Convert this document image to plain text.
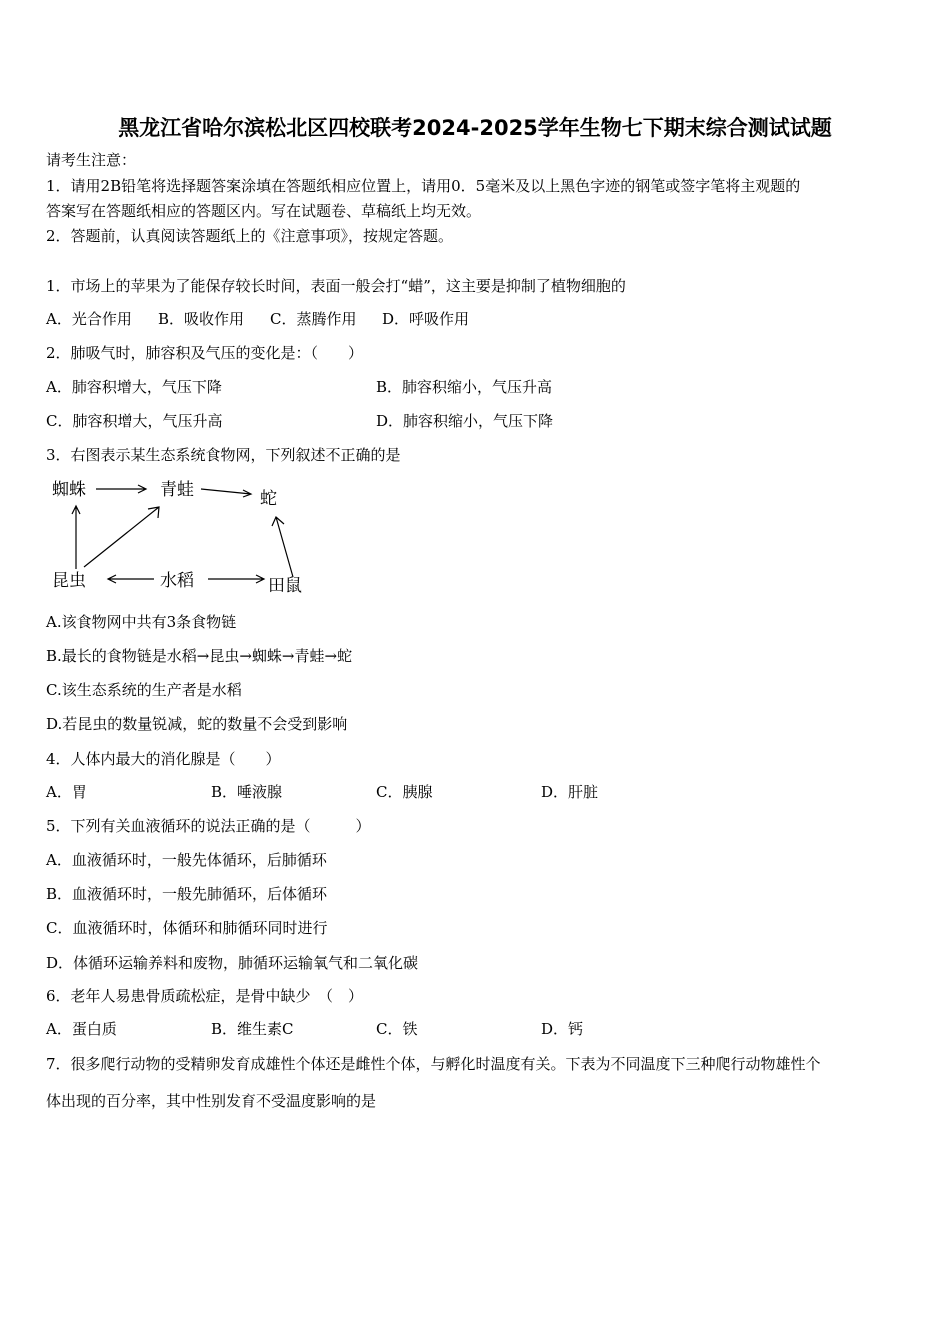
黑龙江省哈尔滨松北区四校联考2024-2025学年生物七下期末综合测试试题
请考生注意：
1．请用2B铅笔将选择题答案涂填在答题纸相应位置上，请用0．5毫米及以上黑色字迹的钢笔或签字笔将主观题的
答案写在答题纸相应的答题区内。写在试题卷、草稿纸上均无效。
2．答题前，认真阅读答题纸上的《注意事项》，按规定答题。
1．市场上的苹果为了能保存较长时间，表面一般会打“蜡”，这主要是抑制了植物细胞的
A．光合作用 B．吸收作用 C．蒸腾作用 D．呼吸作用
2．肺吸气时，肺容积及气压的变化是：（　　）
A．肺容积增大，气压下降	B．肺容积缩小，气压升高
C．肺容积增大，气压升高	D．肺容积缩小，气压下降
3．右图表示某生态系统食物网，下列叙述不正确的是
蜘蛛	青蛙	蛇
昆虫	水稻	田鼠
A.该食物网中共有3条食物链
B.最长的食物链是水稻→昆虫→蜘蛛→青蛙→蛇
C.该生态系统的生产者是水稻
D.若昆虫的数量锐减，蛇的数量不会受到影响
4．人体内最大的消化腺是（　　）
A．胃	B．唾液腺	C．胰腺	D．肝脏
5．下列有关血液循环的说法正确的是（　　　）
A．血液循环时，一般先体循环，后肺循环
B．血液循环时，一般先肺循环，后体循环
C．血液循环时，体循环和肺循环同时进行
D．体循环运输养料和废物，肺循环运输氧气和二氧化碳
6．老年人易患骨质疏松症，是骨中缺少　（　）
A．蛋白质	B．维生素C	C．铁	D．钙
7．很多爬行动物的受精卵发育成雄性个体还是雌性个体，与孵化时温度有关。下表为不同温度下三种爬行动物雄性个
体出现的百分率，其中性别发育不受温度影响的是
